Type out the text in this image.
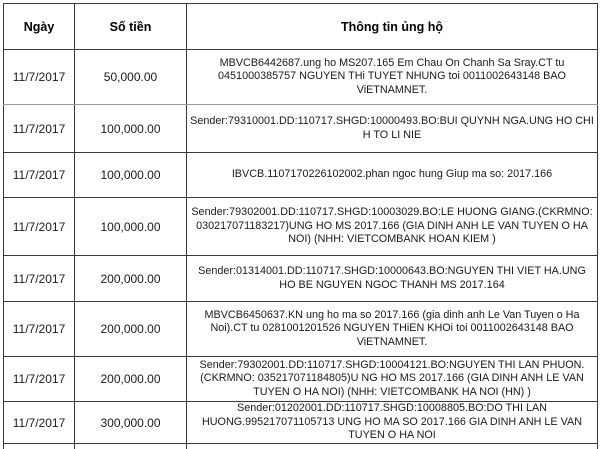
Ngày	Số tiền	Thông tin ủng hộ
11/7/2017	50,000.00	MBVCB6442687.ung ho MS207.165 Em Chau On Chanh Sa Sray.CT tu 0451000385757 NGUYEN THi TUYET NHUNG toi 0011002643148 BAO ViETNAMNET.
11/7/2017	100,000.00	Sender:79310001.DD:110717.SHGD:10000493.BO:BUI QUYNH NGA.UNG HO CHI H TO LI NIE
11/7/2017	100,000.00	IBVCB.1107170226102002.phan ngoc hung Giup ma so: 2017.166
11/7/2017	100,000.00	Sender:79302001.DD:110717.SHGD:10003029.BO:LE HUONG GIANG.(CKRMNO: 030217071183217)UNG HO MS 2017.166 (GIA DINH ANH LE VAN TUYEN O HA NOI) (NHH: VIETCOMBANK HOAN KIEM )
11/7/2017	200,000.00	Sender:01314001.DD:110717.SHGD:10000643.BO:NGUYEN THI VIET HA.UNG HO BE NGUYEN NGOC THANH MS 2017.164
11/7/2017	200,000.00	MBVCB6450637.KN ung ho ma so 2017.166 (gia dinh anh Le Van Tuyen o Ha Noi).CT tu 0281001201526 NGUYEN THiEN KHOi toi 0011002643148 BAO ViETNAMNET.
11/7/2017	200,000.00	Sender:79302001.DD:110717.SHGD:10004121.BO:NGUYEN THI LAN PHUON.(CKRMNO: 035217071184805)U NG HO MS 2017.166 (GIA DINH ANH LE VAN TUYEN O HA NOI) (NHH: VIETCOMBANK HA NOI (HN) )
11/7/2017	300,000.00	Sender:01202001.DD:110717.SHGD:10008805.BO:DO THI LAN HUONG.995217071105713 UNG HO MA SO 2017.166 GIA DINH ANH LE VAN TUYEN O HA NOI
